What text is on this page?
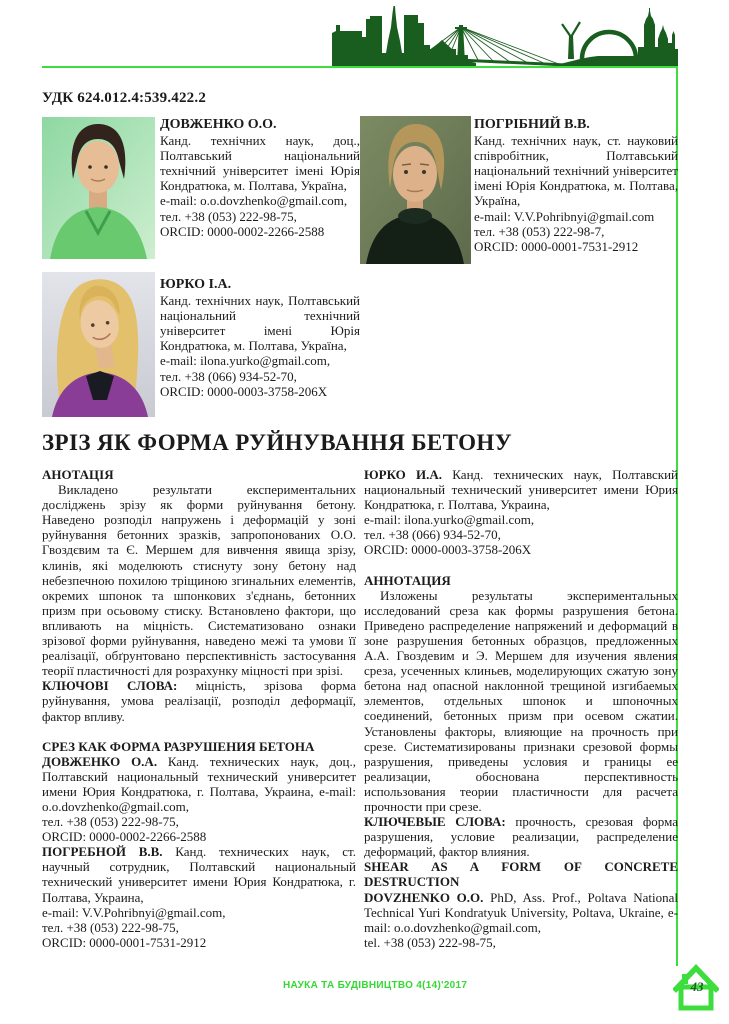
УДК 624.012.4:539.422.2
ДОВЖЕНКО О.О.
Канд. технічних наук, доц., Полтавський національний технічний університет імені Юрія Кондратюка, м. Полтава, Україна,
e-mail: o.o.dovzhenko@gmail.com,
тел. +38 (053) 222-98-75,
ORCID: 0000-0002-2266-2588
ПОГРІБНИЙ В.В.
Канд. технічних наук, ст. науковий співробітник, Полтавський національний технічний університет імені Юрія Кондратюка, м. Полтава, Україна,
e-mail: V.V.Pohribnyi@gmail.com
тел. +38 (053) 222-98-7,
ORCID: 0000-0001-7531-2912
ЮРКО І.А.
Канд. технічних наук, Полтавський національний технічний університет імені Юрія Кондратюка, м. Полтава, Україна,
e-mail: ilona.yurko@gmail.com,
тел. +38 (066) 934-52-70,
ORCID: 0000-0003-3758-206X
ЗРІЗ ЯК ФОРМА РУЙНУВАННЯ БЕТОНУ
АНОТАЦІЯ
Викладено результати експериментальних досліджень зрізу як форми руйнування бетону. Наведено розподіл напружень і деформацій у зоні руйнування бетонних зразків, запропонованих О.О. Гвоздєвим та Є. Мершем для вивчення явища зрізу, клинів, які моделюють стиснуту зону бетону над небезпечною похилою тріщиною згинальних елементів, окремих шпонок та шпонкових з'єднань, бетонних призм при осьовому стиску. Встановлено фактори, що впливають на міцність. Систематизовано ознаки зрізової форми руйнування, наведено межі та умови її реалізації, обґрунтовано перспективність застосування теорії пластичності для розрахунку міцності при зрізі.
КЛЮЧОВІ СЛОВА: міцність, зрізова форма руйнування, умова реалізації, розподіл деформації, фактор впливу.
СРЕЗ КАК ФОРМА РАЗРУШЕНИЯ БЕТОНА
ДОВЖЕНКО О.А. Канд. технических наук, доц., Полтавский национальный технический университет имени Юрия Кондратюка, г. Полтава, Украина, e-mail: o.o.dovzhenko@gmail.com,
тел. +38 (053) 222-98-75,
ORCID: 0000-0002-2266-2588
ПОГРЕБНОЙ В.В. Канд. технических наук, ст. научный сотрудник, Полтавский национальный технический университет имени Юрия Кондратюка, г. Полтава, Украина,
e-mail: V.V.Pohribnyi@gmail.com,
тел. +38 (053) 222-98-75,
ORCID: 0000-0001-7531-2912
ЮРКО И.А. Канд. технических наук, Полтавский национальный технический университет имени Юрия Кондратюка, г. Полтава, Украина,
e-mail: ilona.yurko@gmail.com,
тел. +38 (066) 934-52-70,
ORCID: 0000-0003-3758-206X
АННОТАЦИЯ
Изложены результаты экспериментальных исследований среза как формы разрушения бетона. Приведено распределение напряжений и деформаций в зоне разрушения бетонных образцов, предложенных А.А. Гвоздевим и Э. Мершем для изучения явления среза, усеченных клиньев, моделирующих сжатую зону бетона над опасной наклонной трещиной изгибаемых элементов, отдельных шпонок и шпоночных соединений, бетонных призм при осевом сжатии. Установлены факторы, влияющие на прочность при срезе. Систематизированы признаки срезовой формы разрушения, приведены условия и границы ее реализации, обоснована перспективность использования теории пластичности для расчета прочности при срезе.
КЛЮЧЕВЫЕ СЛОВА: прочность, срезовая форма разрушения, условие реализации, распределение деформаций, фактор влияния.
SHEAR AS A FORM OF CONCRETE DESTRUCTION
DOVZHENKO O.O. PhD, Ass. Prof., Poltava National Technical Yuri Kondratyuk University, Poltava, Ukraine, e-mail: o.o.dovzhenko@gmail.com,
tel. +38 (053) 222-98-75,
НАУКА ТА БУДІВНИЦТВО 4(14)'2017	43
